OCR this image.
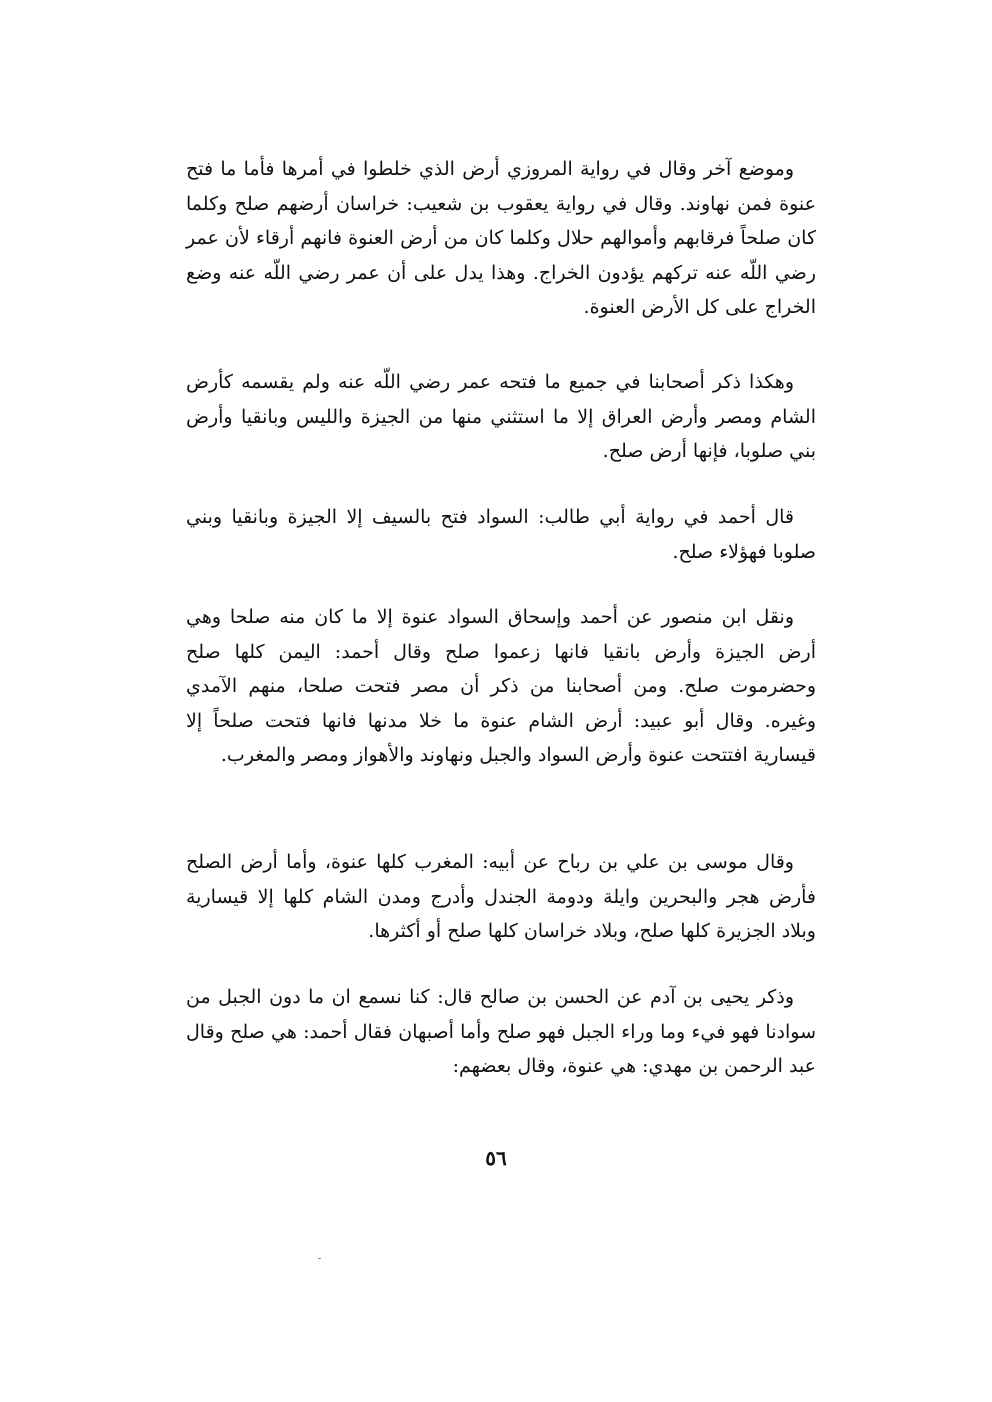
وموضع آخر وقال في رواية المروزي أرض الذي خلطوا في أمرها فأما ما فتح عنوة فمن نهاوند. وقال في رواية يعقوب بن شعيب: خراسان أرضهم صلح وكلما كان صلحاً فرقابهم وأموالهم حلال وكلما كان من أرض العنوة فانهم أرقاء لأن عمر رضي اللّه عنه تركهم يؤدون الخراج. وهذا يدل على أن عمر رضي اللّه عنه وضع الخراج على كل الأرض العنوة.

وهكذا ذكر أصحابنا في جميع ما فتحه عمر رضي اللّه عنه ولم يقسمه كأرض الشام ومصر وأرض العراق إلا ما استثني منها من الجيزة والليس وبانقيا وأرض بني صلوبا، فإنها أرض صلح.

قال أحمد في رواية أبي طالب: السواد فتح بالسيف إلا الجيزة وبانقيا وبني صلوبا فهؤلاء صلح.

ونقل ابن منصور عن أحمد وإسحاق السواد عنوة إلا ما كان منه صلحا وهي أرض الجيزة وأرض بانقيا فانها زعموا صلح وقال أحمد: اليمن كلها صلح وحضرموت صلح. ومن أصحابنا من ذكر أن مصر فتحت صلحا، منهم الآمدي وغيره. وقال أبو عبيد: أرض الشام عنوة ما خلا مدنها فانها فتحت صلحاً إلا قيسارية افتتحت عنوة وأرض السواد والجبل ونهاوند والأهواز ومصر والمغرب.

وقال موسى بن علي بن رباح عن أبيه: المغرب كلها عنوة، وأما أرض الصلح فأرض هجر والبحرين وايلة ودومة الجندل وأدرج ومدن الشام كلها إلا قيسارية وبلاد الجزيرة كلها صلح، وبلاد خراسان كلها صلح أو أكثرها.

وذكر يحيى بن آدم عن الحسن بن صالح قال: كنا نسمع ان ما دون الجبل من سوادنا فهو فيء وما وراء الجبل فهو صلح وأما أصبهان فقال أحمد: هي صلح وقال عبد الرحمن بن مهدي: هي عنوة، وقال بعضهم:

٥٦
